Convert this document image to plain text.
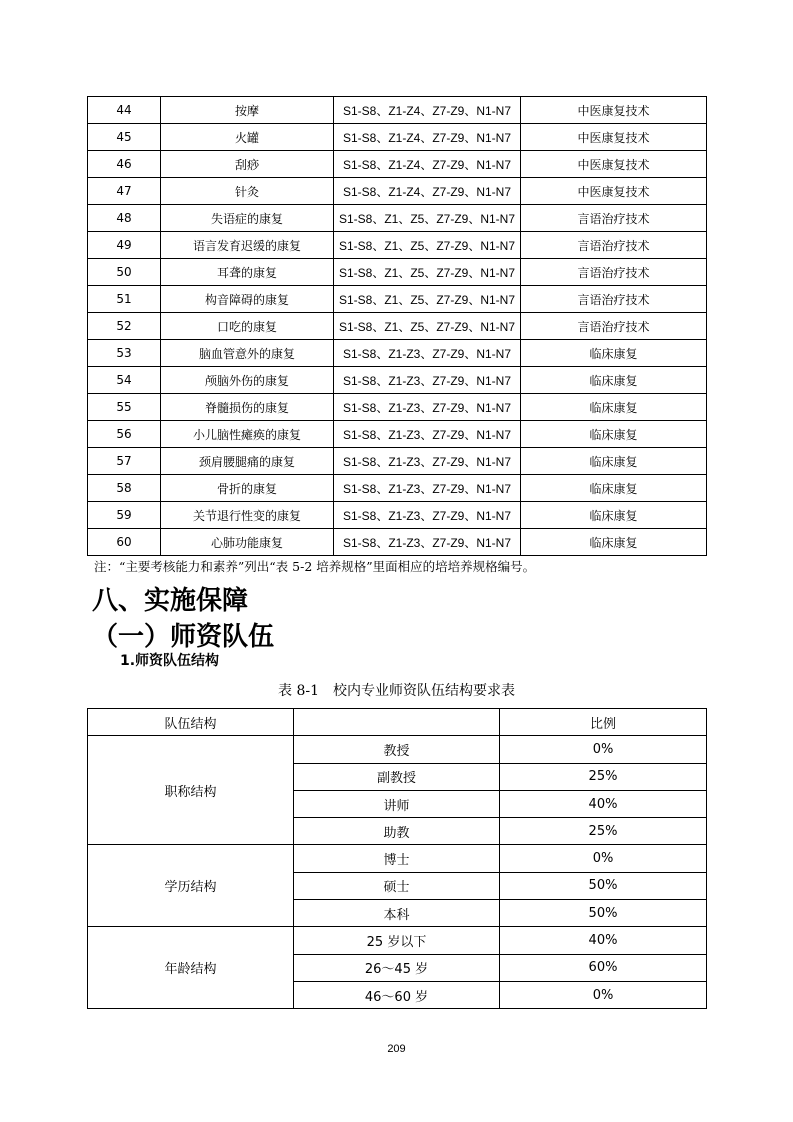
44	按摩	S1-S8、Z1-Z4、Z7-Z9、N1-N7	中医康复技术
45	火罐	S1-S8、Z1-Z4、Z7-Z9、N1-N7	中医康复技术
46	刮痧	S1-S8、Z1-Z4、Z7-Z9、N1-N7	中医康复技术
47	针灸	S1-S8、Z1-Z4、Z7-Z9、N1-N7	中医康复技术
48	失语症的康复	S1-S8、Z1、Z5、Z7-Z9、N1-N7	言语治疗技术
49	语言发育迟缓的康复	S1-S8、Z1、Z5、Z7-Z9、N1-N7	言语治疗技术
50	耳聋的康复	S1-S8、Z1、Z5、Z7-Z9、N1-N7	言语治疗技术
51	构音障碍的康复	S1-S8、Z1、Z5、Z7-Z9、N1-N7	言语治疗技术
52	口吃的康复	S1-S8、Z1、Z5、Z7-Z9、N1-N7	言语治疗技术
53	脑血管意外的康复	S1-S8、Z1-Z3、Z7-Z9、N1-N7	临床康复
54	颅脑外伤的康复	S1-S8、Z1-Z3、Z7-Z9、N1-N7	临床康复
55	脊髓损伤的康复	S1-S8、Z1-Z3、Z7-Z9、N1-N7	临床康复
56	小儿脑性瘫痪的康复	S1-S8、Z1-Z3、Z7-Z9、N1-N7	临床康复
57	颈肩腰腿痛的康复	S1-S8、Z1-Z3、Z7-Z9、N1-N7	临床康复
58	骨折的康复	S1-S8、Z1-Z3、Z7-Z9、N1-N7	临床康复
59	关节退行性变的康复	S1-S8、Z1-Z3、Z7-Z9、N1-N7	临床康复
60	心肺功能康复	S1-S8、Z1-Z3、Z7-Z9、N1-N7	临床康复
注：“主要考核能力和素养”列出“表 5-2 培养规格”里面相应的培培养规格编号。
八、实施保障
（一）师资队伍
1.师资队伍结构
表 8-1　校内专业师资队伍结构要求表
队伍结构		比例
职称结构	教授	0%
	副教授	25%
	讲师	40%
	助教	25%
学历结构	博士	0%
	硕士	50%
	本科	50%
年龄结构	25 岁以下	40%
	26～45 岁	60%
	46～60 岁	0%
209
